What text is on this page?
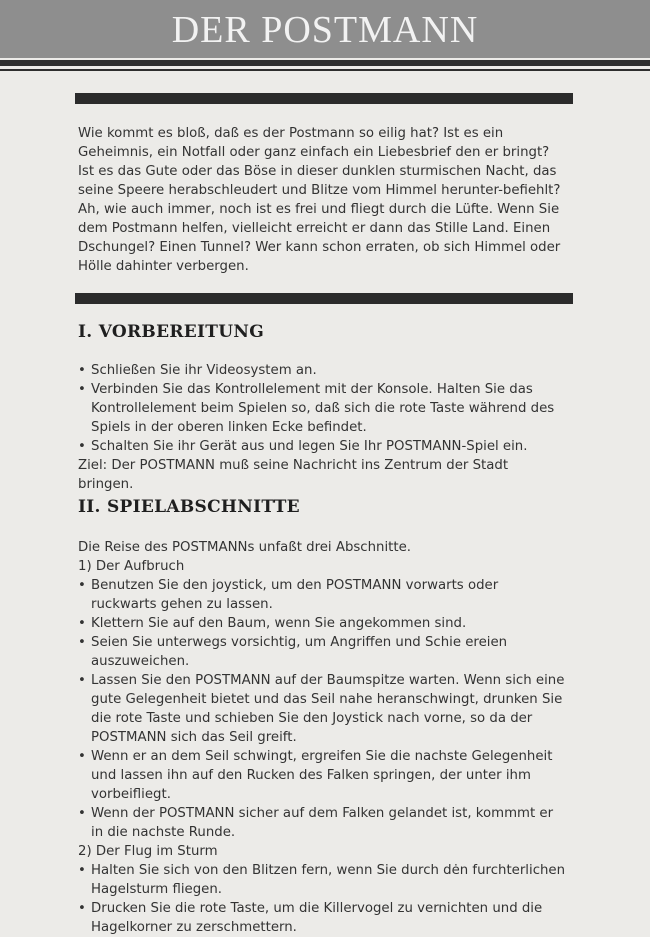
DER POSTMANN

Wie kommt es bloß, daß es der Postmann so eilig hat? Ist es ein Geheimnis, ein Notfall oder ganz einfach ein Liebesbrief den er bringt?

Ist es das Gute oder das Böse in dieser dunklen sturmischen Nacht, das seine Speere herabschleudert und Blitze vom Himmel herunter-befiehlt?

Ah, wie auch immer, noch ist es frei und fliegt durch die Lüfte. Wenn Sie dem Postmann helfen, vielleicht erreicht er dann das Stille Land. Einen Dschungel? Einen Tunnel? Wer kann schon erraten, ob sich Himmel oder Hölle dahinter verbergen.

I. VORBEREITUNG
• Schließen Sie ihr Videosystem an.
• Verbinden Sie das Kontrollelement mit der Konsole. Halten Sie das Kontrollelement beim Spielen so, daß sich die rote Taste während des Spiels in der oberen linken Ecke befindet.
• Schalten Sie ihr Gerät aus und legen Sie Ihr POSTMANN-Spiel ein.

Ziel: Der POSTMANN muß seine Nachricht ins Zentrum der Stadt bringen.

II. SPIELABSCHNITTE

Die Reise des POSTMANNs unfaßt drei Abschnitte.

1) Der Aufbruch

• Benutzen Sie den joystick, um den POSTMANN vorwarts oder ruckwarts gehen zu lassen.
• Klettern Sie auf den Baum, wenn Sie angekommen sind.
• Seien Sie unterwegs vorsichtig, um Angriffen und Schie ereien auszuweichen.
• Lassen Sie den POSTMANN auf der Baumspitze warten. Wenn sich eine gute Gelegenheit bietet und das Seil nahe heranschwingt, drunken Sie die rote Taste und schieben Sie den Joystick nach vorne, so da der POSTMANN sich das Seil greift.
• Wenn er an dem Seil schwingt, ergreifen Sie die nachste Gelegenheit und lassen ihn auf den Rucken des Falken springen, der unter ihm vorbeifliegt.
• Wenn der POSTMANN sicher auf dem Falken gelandet ist, kommmt er in die nachste Runde.

2) Der Flug im Sturm

• Halten Sie sich von den Blitzen fern, wenn Sie durch dėn furchterlichen Hagelsturm fliegen.
• Drucken Sie die rote Taste, um die Killervogel zu vernichten und die Hagelkorner zu zerschmettern.
